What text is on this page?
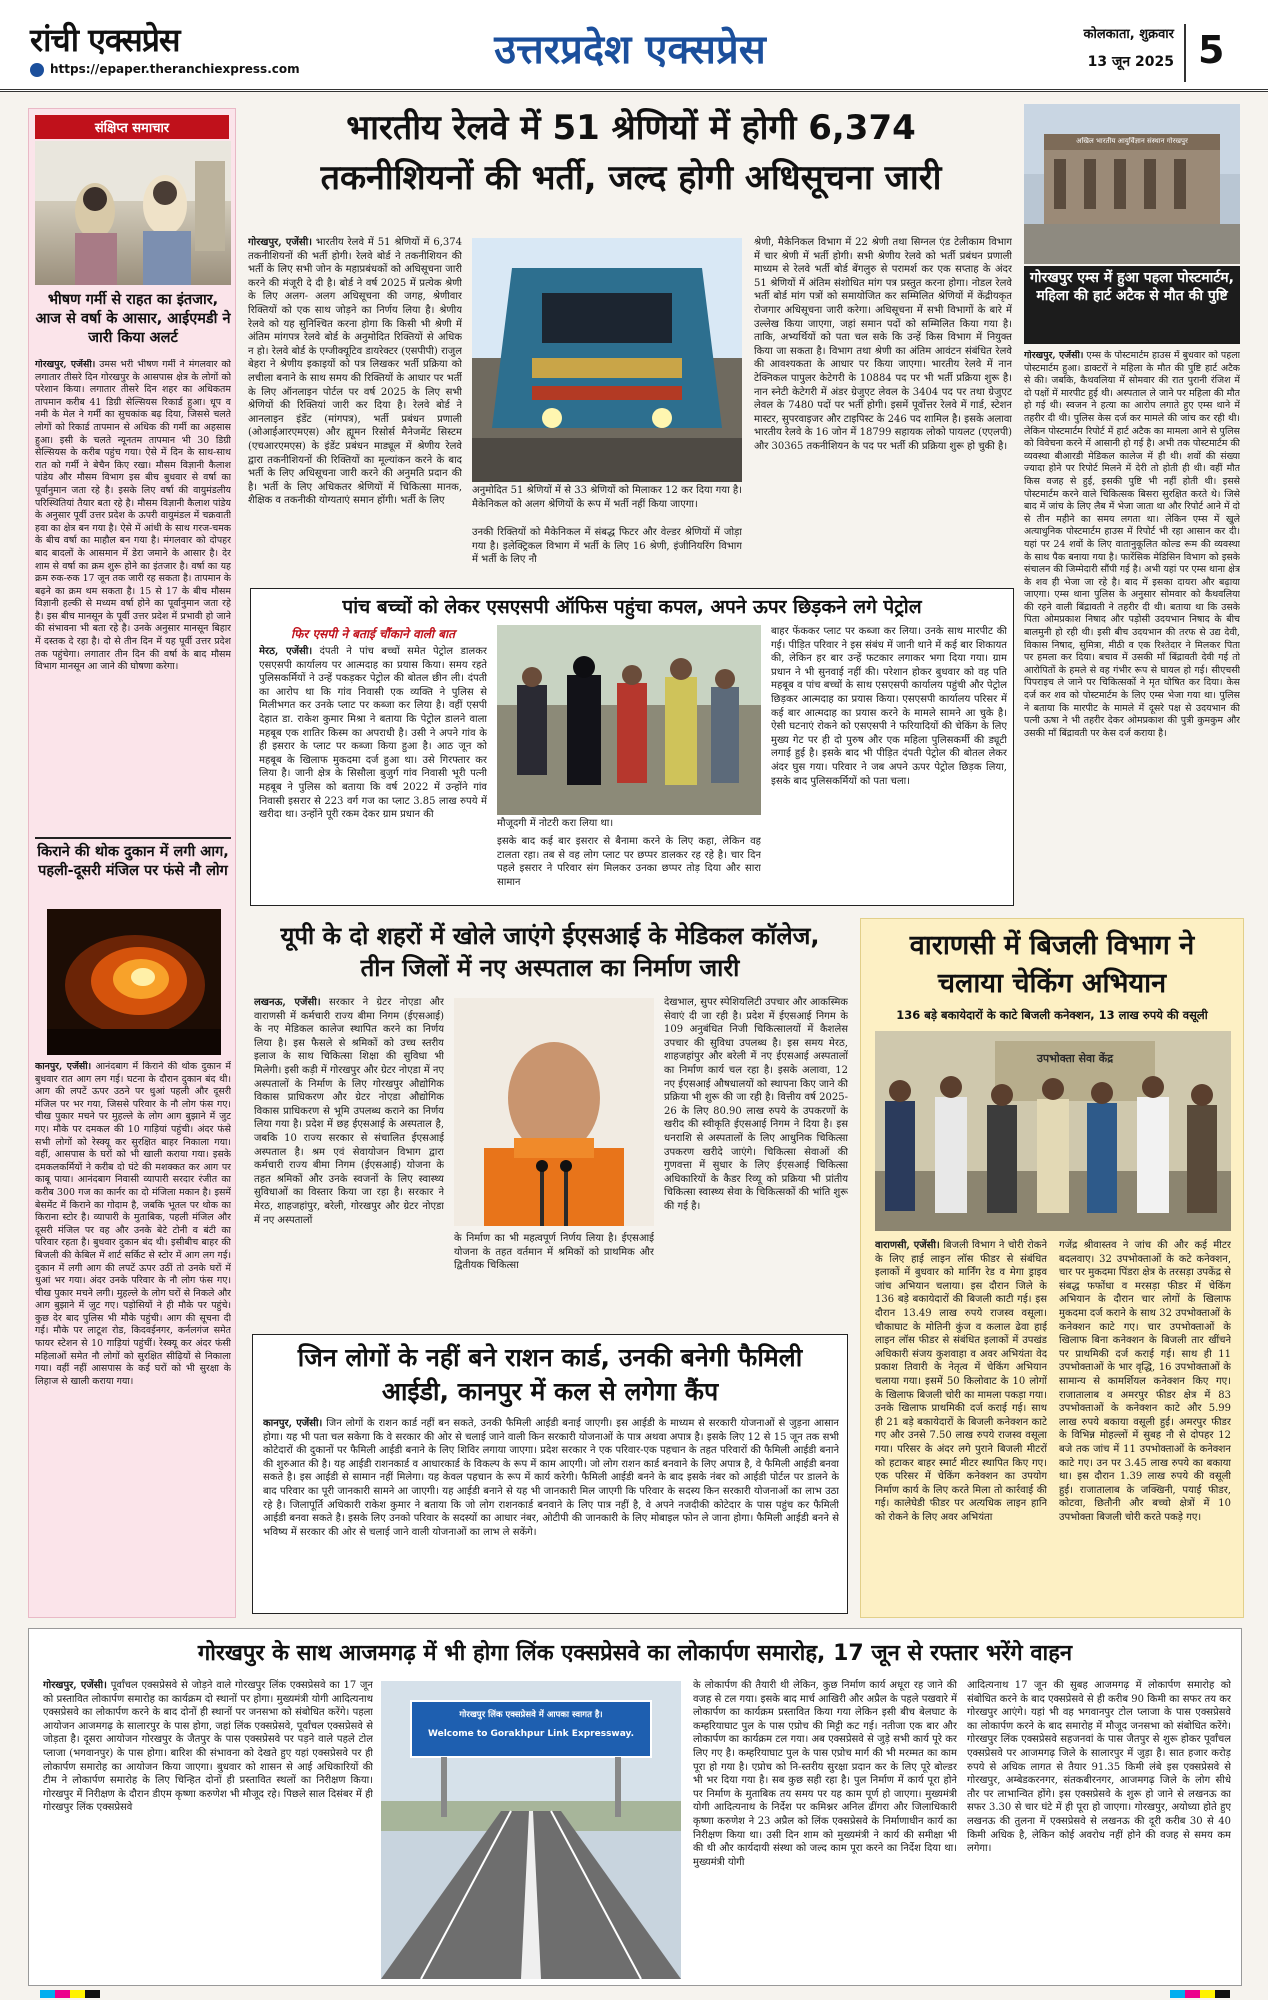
रांची एक्सप्रेस
https://epaper.theranchiexpress.com	उत्तरप्रदेश एक्सप्रेस	कोलकाता, शुक्रवार
13 जून 2025 5
संक्षिप्त समाचार
भीषण गर्मी से राहत का इंतजार, आज से वर्षा के आसार, आईएमडी ने जारी किया अलर्ट
गोरखपुर, एजेंसी। उमस भरी भीषण गर्मी ने मंगलवार को लगातार तीसरे दिन गोरखपुर के आसपास क्षेत्र के लोगों को परेशान किया। लगातार तीसरे दिन शहर का अधिकतम तापमान करीब 41 डिग्री सेल्सियस रिकार्ड हुआ। धूप व नमी के मेल ने गर्मी का सुचकांक बढ़ दिया, जिससे चलते लोगों को रिकार्ड तापमान से अधिक की गर्मी का अहसास हुआ। इसी के चलते न्यूनतम तापमान भी 30 डिग्री सेल्सियस के करीब पहुंच गया। ऐसे में दिन के साथ-साथ रात को गर्मी ने बेचैन किए रखा। मौसम विज्ञानी कैलाश पांडेय और मौसम विभाग इस बीच बुधवार से वर्षा का पूर्वानुमान जता रहे है। इसके लिए वर्षा की वायुमंडलीय परिस्थितियां तैयार बता रहे है। मौसम विज्ञानी कैलाश पांडेय के अनुसार पूर्वी उत्तर प्रदेश के ऊपरी वायुमंडल में चक्रवाती हवा का क्षेत्र बन गया है। ऐसे में आंधी के साथ गरज-चमक के बीच वर्षा का माहौल बन गया है। मंगलवार को दोपहर बाद बादलों के आसमान में डेरा जमाने के आसार है। देर शाम से वर्षा का क्रम शुरू होने का इंतजार है। वर्षा का यह क्रम रुक-रुक 17 जून तक जारी रह सकता है। तापमान के बढ़ने का क्रम थम सकता है। 15 से 17 के बीच मौसम विज्ञानी हल्की से मध्यम वर्षा होने का पूर्वानुमान जता रहे है। इस बीच मानसून के पूर्वी उत्तर प्रदेश में प्रभावी हो जाने की संभावना भी बता रहे है। उनके अनुसार मानसून बिहार में दस्तक दे रहा है। दो से तीन दिन में यह पूर्वी उत्तर प्रदेश तक पहुंचेगा। लगातार तीन दिन की वर्षा के बाद मौसम विभाग मानसून आ जाने की घोषणा करेगा।
किराने की थोक दुकान में लगी आग, पहली-दूसरी मंजिल पर फंसे नौ लोग
कानपुर, एजेंसी। आनंदबाग में किराने की थोक दुकान में बुधवार रात आग लग गई। घटना के दौरान दुकान बंद थी। आग की लपटें ऊपर उठने पर धुआं पहली और दूसरी मंजिल पर भर गया, जिससे परिवार के नौ लोग फंस गए। चीख पुकार मचने पर मुहल्ले के लोग आग बुझाने में जुट गए। मौके पर दमकल की 10 गाड़ियां पहुंची। अंदर फंसे सभी लोगों को रेस्क्यू कर सुरक्षित बाहर निकाला गया। वहीं, आसपास के घरों को भी खाली कराया गया। इसके दमकलकर्मियों ने करीब दो घंटे की मशक्कत कर आग पर काबू पाया। आनंदबाग निवासी व्यापारी सरदार रंजीत का करीब 300 गज का कार्नर का दो मंजिला मकान है। इसमें बेसमेंट में किराने का गोदाम है, जबकि भूतल पर थोक का किराना स्टोर है। व्यापारी के मुताबिक, पहली मंजिल और दूसरी मंजिल पर वह और उनके बेटे टोनी व बंटी का परिवार रहता है। बुधवार दुकान बंद थी। इसीबीच बाहर की बिजली की केबिल में शार्ट सर्किट से स्टोर में आग लग गई। दुकान में लगी आग की लपटें ऊपर उठीं तो उनके घरों में धुआं भर गया। अंदर उनके परिवार के नौ लोग फंस गए। चीख पुकार मचने लगी। मुहल्ले के लोग घरों से निकले और आग बुझाने में जुट गए। पड़ोसियों ने ही मौके पर पहुंचे। कुछ देर बाद पुलिस भी मौके पहुंची। आग की सूचना दी गई। मौके पर लाटूश रोड, किदवईनगर, कर्नलगंज समेत फायर स्टेशन से 10 गाड़ियां पहुंचीं। रेस्क्यू कर अंदर फंसी महिलाओं समेत नौ लोगों को सुरक्षित सीढ़ियों से निकाला गया। वहीं नहीं आसपास के कई घरों को भी सुरक्षा के लिहाज से खाली कराया गया।
भारतीय रेलवे में 51 श्रेणियों में होगी 6,374
तकनीशियनों की भर्ती, जल्द होगी अधिसूचना जारी
गोरखपुर, एजेंसी। भारतीय रेलवे में 51 श्रेणियों में 6,374 तकनीशियनों की भर्ती होगी। रेलवे बोर्ड ने तकनीशियन की भर्ती के लिए सभी जोन के महाप्रबंधकों को अधिसूचना जारी करने की मंजूरी दे दी है। बोर्ड ने वर्ष 2025 में प्रत्येक श्रेणी के लिए अलग- अलग अधिसूचना की जगह, श्रेणीवार रिक्तियों को एक साथ जोड़ने का निर्णय लिया है। श्रेणीय रेलवे को यह सुनिश्चित करना होगा कि किसी भी श्रेणी में अंतिम मांगपत्र रेलवे बोर्ड के अनुमोदित रिक्तियों से अधिक न हो। रेलवे बोर्ड के एग्जीक्यूटिव डायरेक्टर (एसपीपी) राजुल बेहरा ने श्रेणीय इकाइयों को पत्र लिखकर भर्ती प्रक्रिया को लचीला बनाने के साथ समय की रिक्तियों के आधार पर भर्ती के लिए ऑनलाइन पोर्टल पर वर्ष 2025 के लिए सभी श्रेणियों की रिक्तियां जारी कर दिया है। रेलवे बोर्ड ने आनलाइन इंडेंट (मांगपत्र), भर्ती प्रबंधन प्रणाली (ओआईआरएमएस) और ह्यूमन रिसोर्स मैनेजमेंट सिस्टम (एचआरएमएस) के इंडेंट प्रबंधन माड्यूल में श्रेणीय रेलवे द्वारा तकनीशियनों की रिक्तियों का मूल्यांकन करने के बाद भर्ती के लिए अधिसूचना जारी करने की अनुमति प्रदान की है। भर्ती के लिए अधिकतर श्रेणियों में चिकित्सा मानक, शैक्षिक व तकनीकी योग्यताएं समान होंगी। भर्ती के लिए
अनुमोदित 51 श्रेणियों में से 33 श्रेणियों को मिलाकर 12 कर दिया गया है। मैकेनिकल को अलग श्रेणियों के रूप में भर्ती नहीं किया जाएगा।
उनकी रिक्तियों को मैकेनिकल में संबद्ध फिटर और वेल्डर श्रेणियों में जोड़ा गया है। इलेक्ट्रिकल विभाग में भर्ती के लिए 16 श्रेणी, इंजीनियरिंग विभाग में भर्ती के लिए नौ
श्रेणी, मैकेनिकल विभाग में 22 श्रेणी तथा सिग्नल एंड टेलीकाम विभाग में चार श्रेणी में भर्ती होगी। सभी श्रेणीय रेलवे को भर्ती प्रबंधन प्रणाली माध्यम से रेलवे भर्ती बोर्ड बेंगलुरु से परामर्श कर एक सप्ताह के अंदर 51 श्रेणियों में अंतिम संशोधित मांग पत्र प्रस्तुत करना होगा। नोडल रेलवे भर्ती बोर्ड मांग पत्रों को समायोजित कर सम्मिलित श्रेणियों में केंद्रीयकृत रोजगार अधिसूचना जारी करेगा। अधिसूचना में सभी विभागों के बारे में उल्लेख किया जाएगा, जहां समान पदों को सम्मिलित किया गया है। ताकि, अभ्यर्थियों को पता चल सके कि उन्हें किस विभाग में नियुक्त किया जा सकता है। विभाग तथा श्रेणी का अंतिम आवंटन संबंधित रेलवे की आवश्यकता के आधार पर किया जाएगा। भारतीय रेलवे में नान टेक्निकल पापुलर केटेगरी के 10884 पद पर भी भर्ती प्रक्रिया शुरू है। नान स्नेटी केटेगरी में अंडर ग्रेजुएट लेवल के 3404 पद पर तथा ग्रेजुएट लेवल के 7480 पदों पर भर्ती होगी। इसमें पूर्वोत्तर रेलवे में गार्ड, स्टेशन मास्टर, सुपरवाइजर और टाइपिस्ट के 246 पद शामिल है। इसके अलावा भारतीय रेलवे के 16 जोन में 18799 सहायक लोको पायलट (एएलपी) और 30365 तकनीशियन के पद पर भर्ती की प्रक्रिया शुरू हो चुकी है।
अखिल भारतीय आयुर्विज्ञान संस्थान गोरखपुर
गोरखपुर एम्स में हुआ पहला पोस्टमार्टम, महिला की हार्ट अटैक से मौत की पुष्टि
गोरखपुर, एजेंसी। एम्स के पोस्टमार्टम हाउस में बुधवार को पहला पोस्टमार्टम हुआ। डाक्टरों ने महिला के मौत की पुष्टि हार्ट अटैक से की। जबकि, कैथवलिया में सोमवार की रात पुरानी रंजिश में दो पक्षों में मारपीट हुई थी। अस्पताल ले जाने पर महिला की मौत हो गई थी। स्वजन ने हत्या का आरोप लगाते हुए एम्स थाने में तहरीर दी थी। पुलिस केस दर्ज कर मामले की जांच कर रही थी। लेकिन पोस्टमार्टम रिपोर्ट में हार्ट अटैक का मामला आने से पुलिस को विवेचना करने में आसानी हो गई है। अभी तक पोस्टमार्टम की व्यवस्था बीआरडी मेडिकल कालेज में ही थी। शवों की संख्या ज्यादा होने पर रिपोर्ट मिलने में देरी तो होती ही थी। वहीं मौत किस वजह से हुई, इसकी पुष्टि भी नहीं होती थी। इससे पोस्टमार्टम करने वाले चिकित्सक बिसरा सुरक्षित करते थे। जिसे बाद में जांच के लिए लैब में भेजा जाता था और रिपोर्ट आने में दो से तीन महीने का समय लगता था। लेकिन एम्स में खुले अत्याधुनिक पोस्टमार्टम हाउस में रिपोर्ट भी रहा आसान कर दी। यहां पर 24 शवों के लिए वातानुकूलित कोल्ड रूम की व्यवस्था के साथ पैक बनाया गया है। फारेंसिक मेडिसिन विभाग को इसके संचालन की जिम्मेदारी सौंपी गई है। अभी यहां पर एम्स थाना क्षेत्र के शव ही भेजा जा रहे है। बाद में इसका दायरा और बढ़ाया जाएगा। एम्स थाना पुलिस के अनुसार सोमवार को कैथवलिया की रहने वाली बिंद्रावती ने तहरीर दी थी। बताया था कि उसके पिता ओमप्रकाश निषाद और पड़ोसी उदयभान निषाद के बीच बालमुनी हो रही थी। इसी बीच उदयभान की तरफ से उद्य देवी, विकास निषाद, सुमित्रा, मीठी व एक रिश्तेदार ने मिलकर पिता पर हमला कर दिया। बचाव में उसकी माँ बिंद्रावती देवी गई तो आरोपितों के हमले से वह गंभीर रूप से घायल हो गई। सीएचसी पिपराइच ले जाने पर चिकित्सकों ने मृत घोषित कर दिया। केस दर्ज कर शव को पोस्टमार्टम के लिए एम्स भेजा गया था। पुलिस ने बताया कि मारपीट के मामले में दूसरे पक्ष से उदयभान की पत्नी ऊषा ने भी तहरीर देकर ओमप्रकाश की पुत्री कुमकुम और उसकी माँ बिंद्रावती पर केस दर्ज कराया है।
पांच बच्चों को लेकर एसएसपी ऑफिस पहुंचा कपल, अपने ऊपर छिड़कने लगे पेट्रोल
फिर एसपी ने बताई चौंकाने वाली बात
मेरठ, एजेंसी। दंपती ने पांच बच्चों समेत पेट्रोल डालकर एसएसपी कार्यालय पर आत्मदाह का प्रयास किया। समय रहते पुलिसकर्मियों ने उन्हें पकड़कर पेट्रोल की बोतल छीन ली। दंपती का आरोप था कि गांव निवासी एक व्यक्ति ने पुलिस से मिलीभगत कर उनके प्लाट पर कब्जा कर लिया है। वहीं एसपी देहात डा. राकेश कुमार मिश्रा ने बताया कि पेट्रोल डालने वाला महबूब एक शातिर किस्म का अपराधी है। उसी ने अपने गांव के ही इसरार के प्लाट पर कब्जा किया हुआ है। आठ जून को महबूब के खिलाफ मुकदमा दर्ज हुआ था। उसे गिरफ्तार कर लिया है। जानी क्षेत्र के सिसौला बुजुर्ग गांव निवासी भूरी पत्नी महबूब ने पुलिस को बताया कि वर्ष 2022 में उन्होंने गांव निवासी इसरार से 223 वर्ग गज का प्लाट 3.85 लाख रुपये में खरीदा था। उन्होंने पूरी रकम देकर ग्राम प्रधान की
मौजूदगी में नोटरी करा लिया था।
इसके बाद कई बार इसरार से बैनामा करने के लिए कहा, लेकिन वह टालता रहा। तब से वह लोग प्लाट पर छप्पर डालकर रह रहे है। चार दिन पहले इसरार ने परिवार संग मिलकर उनका छप्पर तोड़ दिया और सारा सामान
बाहर फेंककर प्लाट पर कब्जा कर लिया। उनके साथ मारपीट की गई। पीड़ित परिवार ने इस संबंध में जानी थाने में कई बार शिकायत की, लेकिन हर बार उन्हें फटकार लगाकर भगा दिया गया। ग्राम प्रधान ने भी सुनवाई नहीं की। परेशान होकर बुधवार को वह पति महबूब व पांच बच्चों के साथ एसएसपी कार्यालय पहुंची और पेट्रोल छिड़कर आत्मदाह का प्रयास किया। एसएसपी कार्यालय परिसर में कई बार आत्मदाह का प्रयास करने के मामले सामने आ चुके है। ऐसी घटनाएं रोकने को एसएसपी ने फरियादियों की चेकिंग के लिए मुख्य गेट पर ही दो पुरुष और एक महिला पुलिसकर्मी की ड्यूटी लगाई हुई है। इसके बाद भी पीड़ित दंपती पेट्रोल की बोतल लेकर अंदर घुस गया। परिवार ने जब अपने ऊपर पेट्रोल छिड़क लिया, इसके बाद पुलिसकर्मियों को पता चला।
यूपी के दो शहरों में खोले जाएंगे ईएसआई के मेडिकल कॉलेज, तीन जिलों में नए अस्पताल का निर्माण जारी
लखनऊ, एजेंसी। सरकार ने ग्रेटर नोएडा और वाराणसी में कर्मचारी राज्य बीमा निगम (ईएसआई) के नए मेडिकल कालेज स्थापित करने का निर्णय लिया है। इस फैसले से श्रमिकों को उच्च स्तरीय इलाज के साथ चिकित्सा शिक्षा की सुविधा भी मिलेगी। इसी कड़ी में गोरखपुर और ग्रेटर नोएडा में नए अस्पतालों के निर्माण के लिए गोरखपुर औद्योगिक विकास प्राधिकरण और ग्रेटर नोएडा औद्योगिक विकास प्राधिकरण से भूमि उपलब्ध कराने का निर्णय लिया गया है। प्रदेश में छह ईएसआई के अस्पताल है, जबकि 10 राज्य सरकार से संचालित ईएसआई अस्पताल है। श्रम एवं सेवायोजन विभाग द्वारा कर्मचारी राज्य बीमा निगम (ईएसआई) योजना के तहत श्रमिकों और उनके स्वजनों के लिए स्वास्थ्य सुविधाओं का विस्तार किया जा रहा है। सरकार ने मेरठ, शाहजहांपुर, बरेली, गोरखपुर और ग्रेटर नोएडा में नए अस्पतालों
के निर्माण का भी महत्वपूर्ण निर्णय लिया है। ईएसआई योजना के तहत वर्तमान में श्रमिकों को प्राथमिक और द्वितीयक चिकित्सा
देखभाल, सुपर स्पेशियलिटी उपचार और आकस्मिक सेवाएं दी जा रही है। प्रदेश में ईएसआई निगम के 109 अनुबंधित निजी चिकित्सालयों में कैशलेस उपचार की सुविधा उपलब्ध है। इस समय मेरठ, शाहजहांपुर और बरेली में नए ईएसआई अस्पतालों का निर्माण कार्य चल रहा है। इसके अलावा, 12 नए ईएसआई औषधालयों को स्थापना किए जाने की प्रक्रिया भी शुरू की जा रही है। वित्तीय वर्ष 2025-26 के लिए 80.90 लाख रुपये के उपकरणों के खरीद की स्वीकृति ईएसआई निगम ने दिया है। इस धनराशि से अस्पतालों के लिए आधुनिक चिकित्सा उपकरण खरीदे जाएंगे। चिकित्सा सेवाओं की गुणवत्ता में सुधार के लिए ईएसआई चिकित्सा अधिकारियों के कैडर रिव्यू को प्रक्रिया भी प्रांतीय चिकित्सा स्वास्थ्य सेवा के चिकित्सकों की भांति शुरू की गई है।
जिन लोगों के नहीं बने राशन कार्ड, उनकी बनेगी फैमिली आईडी, कानपुर में कल से लगेगा कैंप
कानपुर, एजेंसी। जिन लोगों के राशन कार्ड नहीं बन सकते, उनकी फैमिली आईडी बनाई जाएगी। इस आईडी के माध्यम से सरकारी योजनाओं से जुड़ना आसान होगा। यह भी पता चल सकेगा कि वे सरकार की ओर से चलाई जाने वाली किन सरकारी योजनाओं के पात्र अथवा अपात्र है। इसके लिए 12 से 15 जून तक सभी कोटेदारों की दुकानों पर फैमिली आईडी बनाने के लिए शिविर लगाया जाएगा। प्रदेश सरकार ने एक परिवार-एक पहचान के तहत परिवारों की फैमिली आईडी बनाने की शुरुआत की है। यह आईडी राशनकार्ड व आधारकार्ड के विकल्प के रूप में काम आएगी। जो लोग राशन कार्ड बनवाने के लिए अपात्र है, वे फैमिली आईडी बनवा सकते है। इस आईडी से सामान नहीं मिलेगा। यह केवल पहचान के रूप में कार्य करेगी। फैमिली आईडी बनने के बाद इसके नंबर को आईडी पोर्टल पर डालने के बाद परिवार का पूरी जानकारी सामने आ जाएगी। यह आईडी बनाने से यह भी जानकारी मिल जाएगी कि परिवार के सदस्य किन सरकारी योजनाओं का लाभ उठा रहे है। जिलापूर्ति अधिकारी राकेश कुमार ने बताया कि जो लोग राशनकार्ड बनवाने के लिए पात्र नहीं है, वे अपने नजदीकी कोटेदार के पास पहुंच कर फैमिली आईडी बनवा सकते है। इसके लिए उनको परिवार के सदस्यों का आधार नंबर, ओटीपी की जानकारी के लिए मोबाइल फोन ले जाना होगा। फैमिली आईडी बनने से भविष्य में सरकार की ओर से चलाई जाने वाली योजनाओं का लाभ ले सकेंगे।
वाराणसी में बिजली विभाग ने चलाया चेकिंग अभियान
136 बड़े बकायेदारों के काटे बिजली कनेक्शन, 13 लाख रुपये की वसूली
उपभोक्ता सेवा केंद्र
वाराणसी, एजेंसी। बिजली विभाग ने चोरी रोकने के लिए हाई लाइन लॉस फीडर से संबंधित इलाकों में बुधवार को मार्निंग रेड व मेगा ड्राइव जांच अभियान चलाया। इस दौरान जिले के 136 बड़े बकायेदारों की बिजली काटी गई। इस दौरान 13.49 लाख रुपये राजस्व वसूला। चौकाघाट के मोतिनी कुंज व कलाल ढेवा हाई लाइन लॉस फीडर से संबंधित इलाकों में उपखंड अधिकारी संजय कुशवाहा व अवर अभियंता वेद प्रकाश तिवारी के नेतृत्व में चेकिंग अभियान चलाया गया। इसमें 50 किलोवाट के 10 लोगों के खिलाफ बिजली चोरी का मामला पकड़ा गया। उनके खिलाफ प्राथमिकी दर्ज कराई गई। साथ ही 21 बड़े बकायेदारों के बिजली कनेक्शन काटे गए और उनसे 7.50 लाख रुपये राजस्व वसूला गया। परिसर के अंदर लगे पुराने बिजली मीटरों को हटाकर बाहर स्मार्ट मीटर स्थापित किए गए। एक परिसर में चेकिंग कनेक्शन का उपयोग निर्माण कार्य के लिए करते मिला तो कार्रवाई की गई। कालेघेडी फीडर पर अत्यधिक लाइन हानि को रोकने के लिए अवर अभियंता
गजेंद्र श्रीवास्तव ने जांच की और कई मीटर बदलवाए। 32 उपभोक्ताओं के कटे कनेक्शन, चार पर मुकदमा पिंडरा क्षेत्र के तरसड़ा उपकेंद्र से संबद्ध फफोंधा व मरसड़ा फीडर में चेकिंग अभियान के दौरान चार लोगों के खिलाफ मुकदमा दर्ज कराने के साथ 32 उपभोक्ताओं के कनेक्शन काटे गए। चार उपभोक्ताओं के खिलाफ बिना कनेक्शन के बिजली तार खींचने पर प्राथमिकी दर्ज कराई गई। साथ ही 11 उपभोक्ताओं के भार वृद्धि, 16 उपभोक्ताओं के सामान्य से कामर्शियल कनेक्शन किए गए। राजातालाब व अमरपुर फीडर क्षेत्र में 83 उपभोक्ताओं के कनेक्शन काटे और 5.99 लाख रुपये बकाया वसूली हुई। अमरपुर फीडर के विभिन्न मोहल्लों में सुबह नौ से दोपहर 12 बजे तक जांच में 11 उपभोक्ताओं के कनेक्शन काटे गए। उन पर 3.45 लाख रुपये का बकाया था। इस दौरान 1.39 लाख रुपये की वसूली हुई। राजातालाब के जक्खिनी, पयाई फीडर, कोटवा, छितौनी और बच्चो क्षेत्रों में 10 उपभोक्ता बिजली चोरी करते पकड़े गए।
गोरखपुर के साथ आजमगढ़ में भी होगा लिंक एक्सप्रेसवे का लोकार्पण समारोह, 17 जून से रफ्तार भरेंगे वाहन
गोरखपुर, एजेंसी। पूर्वांचल एक्सप्रेसवे से जोड़ने वाले गोरखपुर लिंक एक्सप्रेसवे का 17 जून को प्रस्तावित लोकार्पण समारोह का कार्यक्रम दो स्थानों पर होगा। मुख्यमंत्री योगी आदित्यनाथ एक्सप्रेसवे का लोकार्पण करने के बाद दोनों ही स्थानों पर जनसभा को संबोधित करेंगे। पहला आयोजन आजमगढ़ के सालारपुर के पास होगा, जहां लिंक एक्सप्रेसवे, पूर्वांचल एक्सप्रेसवे से जोड़ता है। दूसरा आयोजन गोरखपुर के जैतपुर के पास एक्सप्रेसवे पर पड़ने वाले पहले टोल प्लाजा (भगवानपुर) के पास होगा। बारिश की संभावना को देखते हुए यहां एक्सप्रेसवे पर ही लोकार्पण समारोह का आयोजन किया जाएगा। बुधवार को शासन से आई अधिकारियों की टीम ने लोकार्पण समारोह के लिए चिन्हित दोनों ही प्रस्तावित स्थलों का निरीक्षण किया। गोरखपुर में निरीक्षण के दौरान डीएम कृष्णा करुणेश भी मौजूद रहे। पिछले साल दिसंबर में ही गोरखपुर लिंक एक्सप्रेसवे
गोरखपुर लिंक एक्सप्रेसवे में आपका स्वागत है।
Welcome to Gorakhpur Link Expressway.
के लोकार्पण की तैयारी थी लेकिन, कुछ निर्माण कार्य अधूरा रह जाने की वजह से टल गया। इसके बाद मार्च आखिरी और अप्रैल के पहले पखवारे में लोकार्पण का कार्यक्रम प्रस्तावित किया गया लेकिन इसी बीच बेलघाट के कम्हरियाघाट पुल के पास एप्रोच की मिट्टी कट गई। नतीजा एक बार और लोकार्पण का कार्यक्रम टल गया। अब एक्सप्रेसवे से जुड़े सभी कार्य पूरे कर लिए गए है। कम्हरियाघाट पुल के पास एप्रोच मार्ग की भी मरम्मत का काम पूरा हो गया है। एप्रोच को नि-स्तरीय सुरक्षा प्रदान कर के लिए पूरे बोल्डर भी भर दिया गया है। सब कुछ सही रहा है। पुल निर्माण में कार्य पूरा होने पर निर्माण के मुताबिक तय समय पर यह काम पूर्ण हो जाएगा। मुख्यमंत्री योगी आदित्यनाथ के निर्देश पर कमिश्नर अनिल ढींगरा और जिलाधिकारी कृष्णा करुणेश ने 23 अप्रैल को लिंक एक्सप्रेसवे के निर्माणाधीन कार्य का निरीक्षण किया था। उसी दिन शाम को मुख्यमंत्री ने कार्य की समीक्षा भी की थी और कार्यदायी संस्था को जल्द काम पूरा करने का निर्देश दिया था। मुख्यमंत्री योगी
आदित्यनाथ 17 जून की सुबह आजमगढ़ में लोकार्पण समारोह को संबोधित करने के बाद एक्सप्रेसवे से ही करीब 90 किमी का सफर तय कर गोरखपुर आएंगे। यहां भी वह भगवानपुर टोल प्लाजा के पास एक्सप्रेसवे का लोकार्पण करने के बाद समारोह में मौजूद जनसभा को संबोधित करेंगे। गोरखपुर लिंक एक्सप्रेसवे सहजनवां के पास जैतपुर से शुरू होकर पूर्वांचल एक्सप्रेसवे पर आजमगढ़ जिले के सालारपुर में जुड़ा है। सात हजार करोड़ रुपये से अधिक लागत से तैयार 91.35 किमी लंबे इस एक्सप्रेसवे से गोरखपुर, अम्बेडकरनगर, संतकबीरनगर, आजमगढ़ जिले के लोग सीधे तौर पर लाभान्वित होंगे। इस एक्सप्रेसवे के शुरू हो जाने से लखनऊ का सफर 3.30 से चार घंटे में ही पूरा हो जाएगा। गोरखपुर, अयोध्या होते हुए लखनऊ की तुलना में एक्सप्रेसवे से लखनऊ की दूरी करीब 30 से 40 किमी अधिक है, लेकिन कोई अवरोध नहीं होने की वजह से समय कम लगेगा।
